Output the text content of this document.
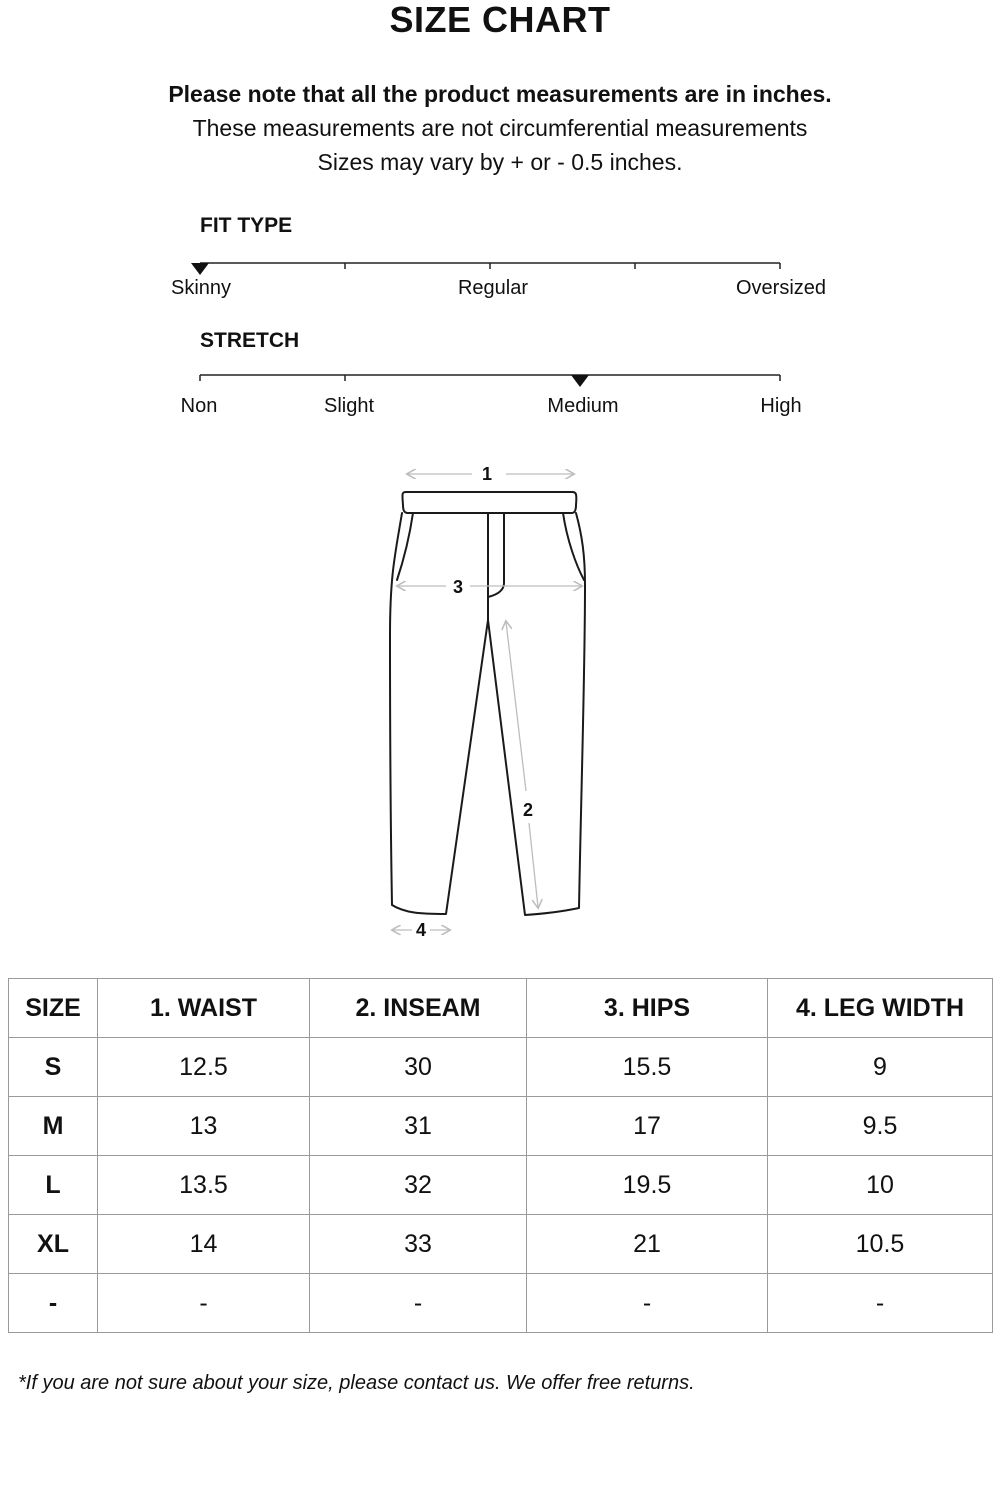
SIZE CHART
Please note that all the product measurements are in inches.
These measurements are not circumferential measurements
Sizes may vary by + or - 0.5 inches.
FIT TYPE
Skinny	Regular	Oversized
STRETCH
Non	Slight	Medium	High
1
3
2
4
SIZE	1. WAIST	2. INSEAM	3. HIPS	4. LEG WIDTH
S	12.5	30	15.5	9
M	13	31	17	9.5
L	13.5	32	19.5	10
XL	14	33	21	10.5
-	-	-	-	-
*If you are not sure about your size, please contact us. We offer free returns.
